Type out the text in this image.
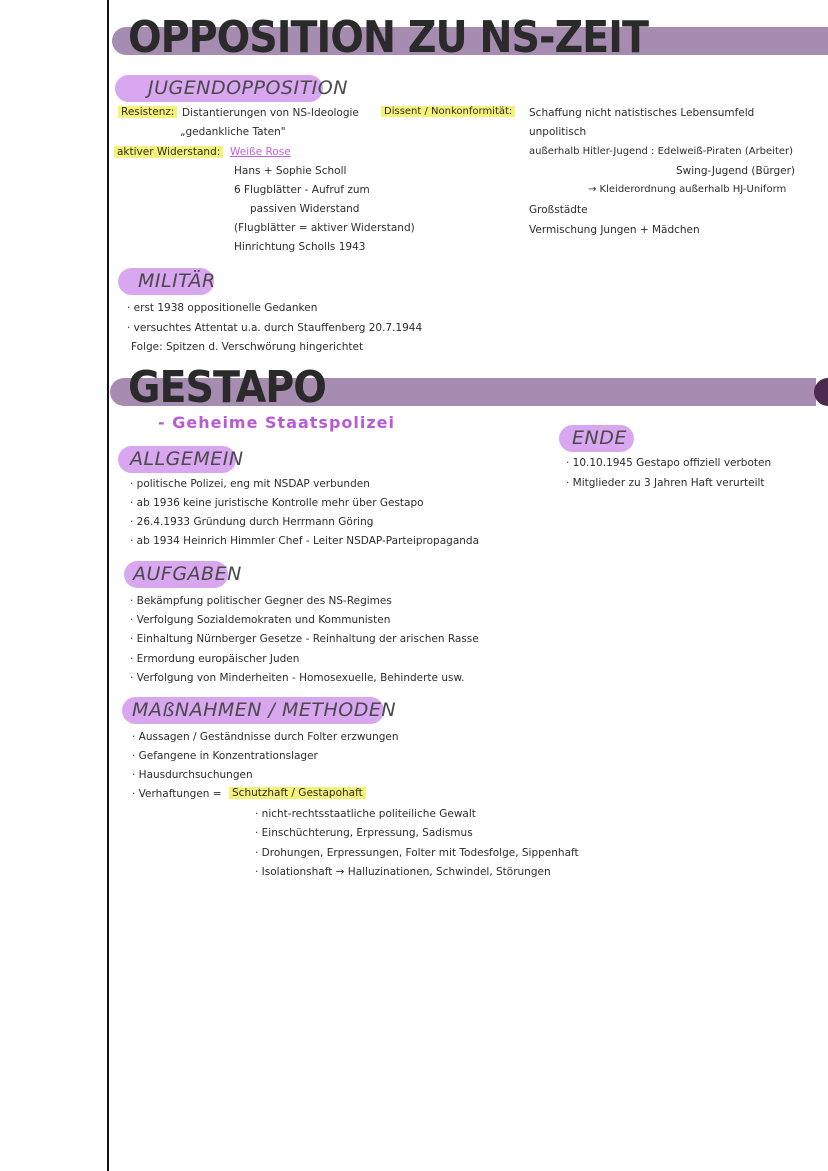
OPPOSITION ZU NS-ZEIT
JUGENDOPPOSITION
Resistenz: Distantierungen von NS-Ideologie
„gedankliche Taten"
aktiver Widerstand: Weiße Rose
Hans + Sophie Scholl
6 Flugblätter - Aufruf zum
passiven Widerstand
(Flugblätter = aktiver Widerstand)
Hinrichtung Scholls 1943
Dissent / Nonkonformität: Schaffung nicht natistisches Lebensumfeld
unpolitisch
außerhalb Hitler-Jugend : Edelweiß-Piraten (Arbeiter)
Swing-Jugend (Bürger)
→ Kleiderordnung außerhalb HJ-Uniform
Großstädte
Vermischung Jungen + Mädchen
MILITÄR
· erst 1938 oppositionelle Gedanken
· versuchtes Attentat u.a. durch Stauffenberg 20.7.1944
Folge: Spitzen d. Verschwörung hingerichtet
GESTAPO
- Geheime Staatspolizei
ENDE
· 10.10.1945 Gestapo offiziell verboten
· Mitglieder zu 3 Jahren Haft verurteilt
ALLGEMEIN
· politische Polizei, eng mit NSDAP verbunden
· ab 1936 keine juristische Kontrolle mehr über Gestapo
· 26.4.1933 Gründung durch Herrmann Göring
· ab 1934 Heinrich Himmler Chef - Leiter NSDAP-Parteipropaganda
AUFGABEN
· Bekämpfung politischer Gegner des NS-Regimes
· Verfolgung Sozialdemokraten und Kommunisten
· Einhaltung Nürnberger Gesetze - Reinhaltung der arischen Rasse
· Ermordung europäischer Juden
· Verfolgung von Minderheiten - Homosexuelle, Behinderte usw.
MAßNAHMEN / METHODEN
· Aussagen / Geständnisse durch Folter erzwungen
· Gefangene in Konzentrationslager
· Hausdurchsuchungen
· Verhaftungen = Schutzhaft / Gestapohaft
· nicht-rechtsstaatliche politeiliche Gewalt
· Einschüchterung, Erpressung, Sadismus
· Drohungen, Erpressungen, Folter mit Todesfolge, Sippenhaft
· Isolationshaft → Halluzinationen, Schwindel, Störungen
